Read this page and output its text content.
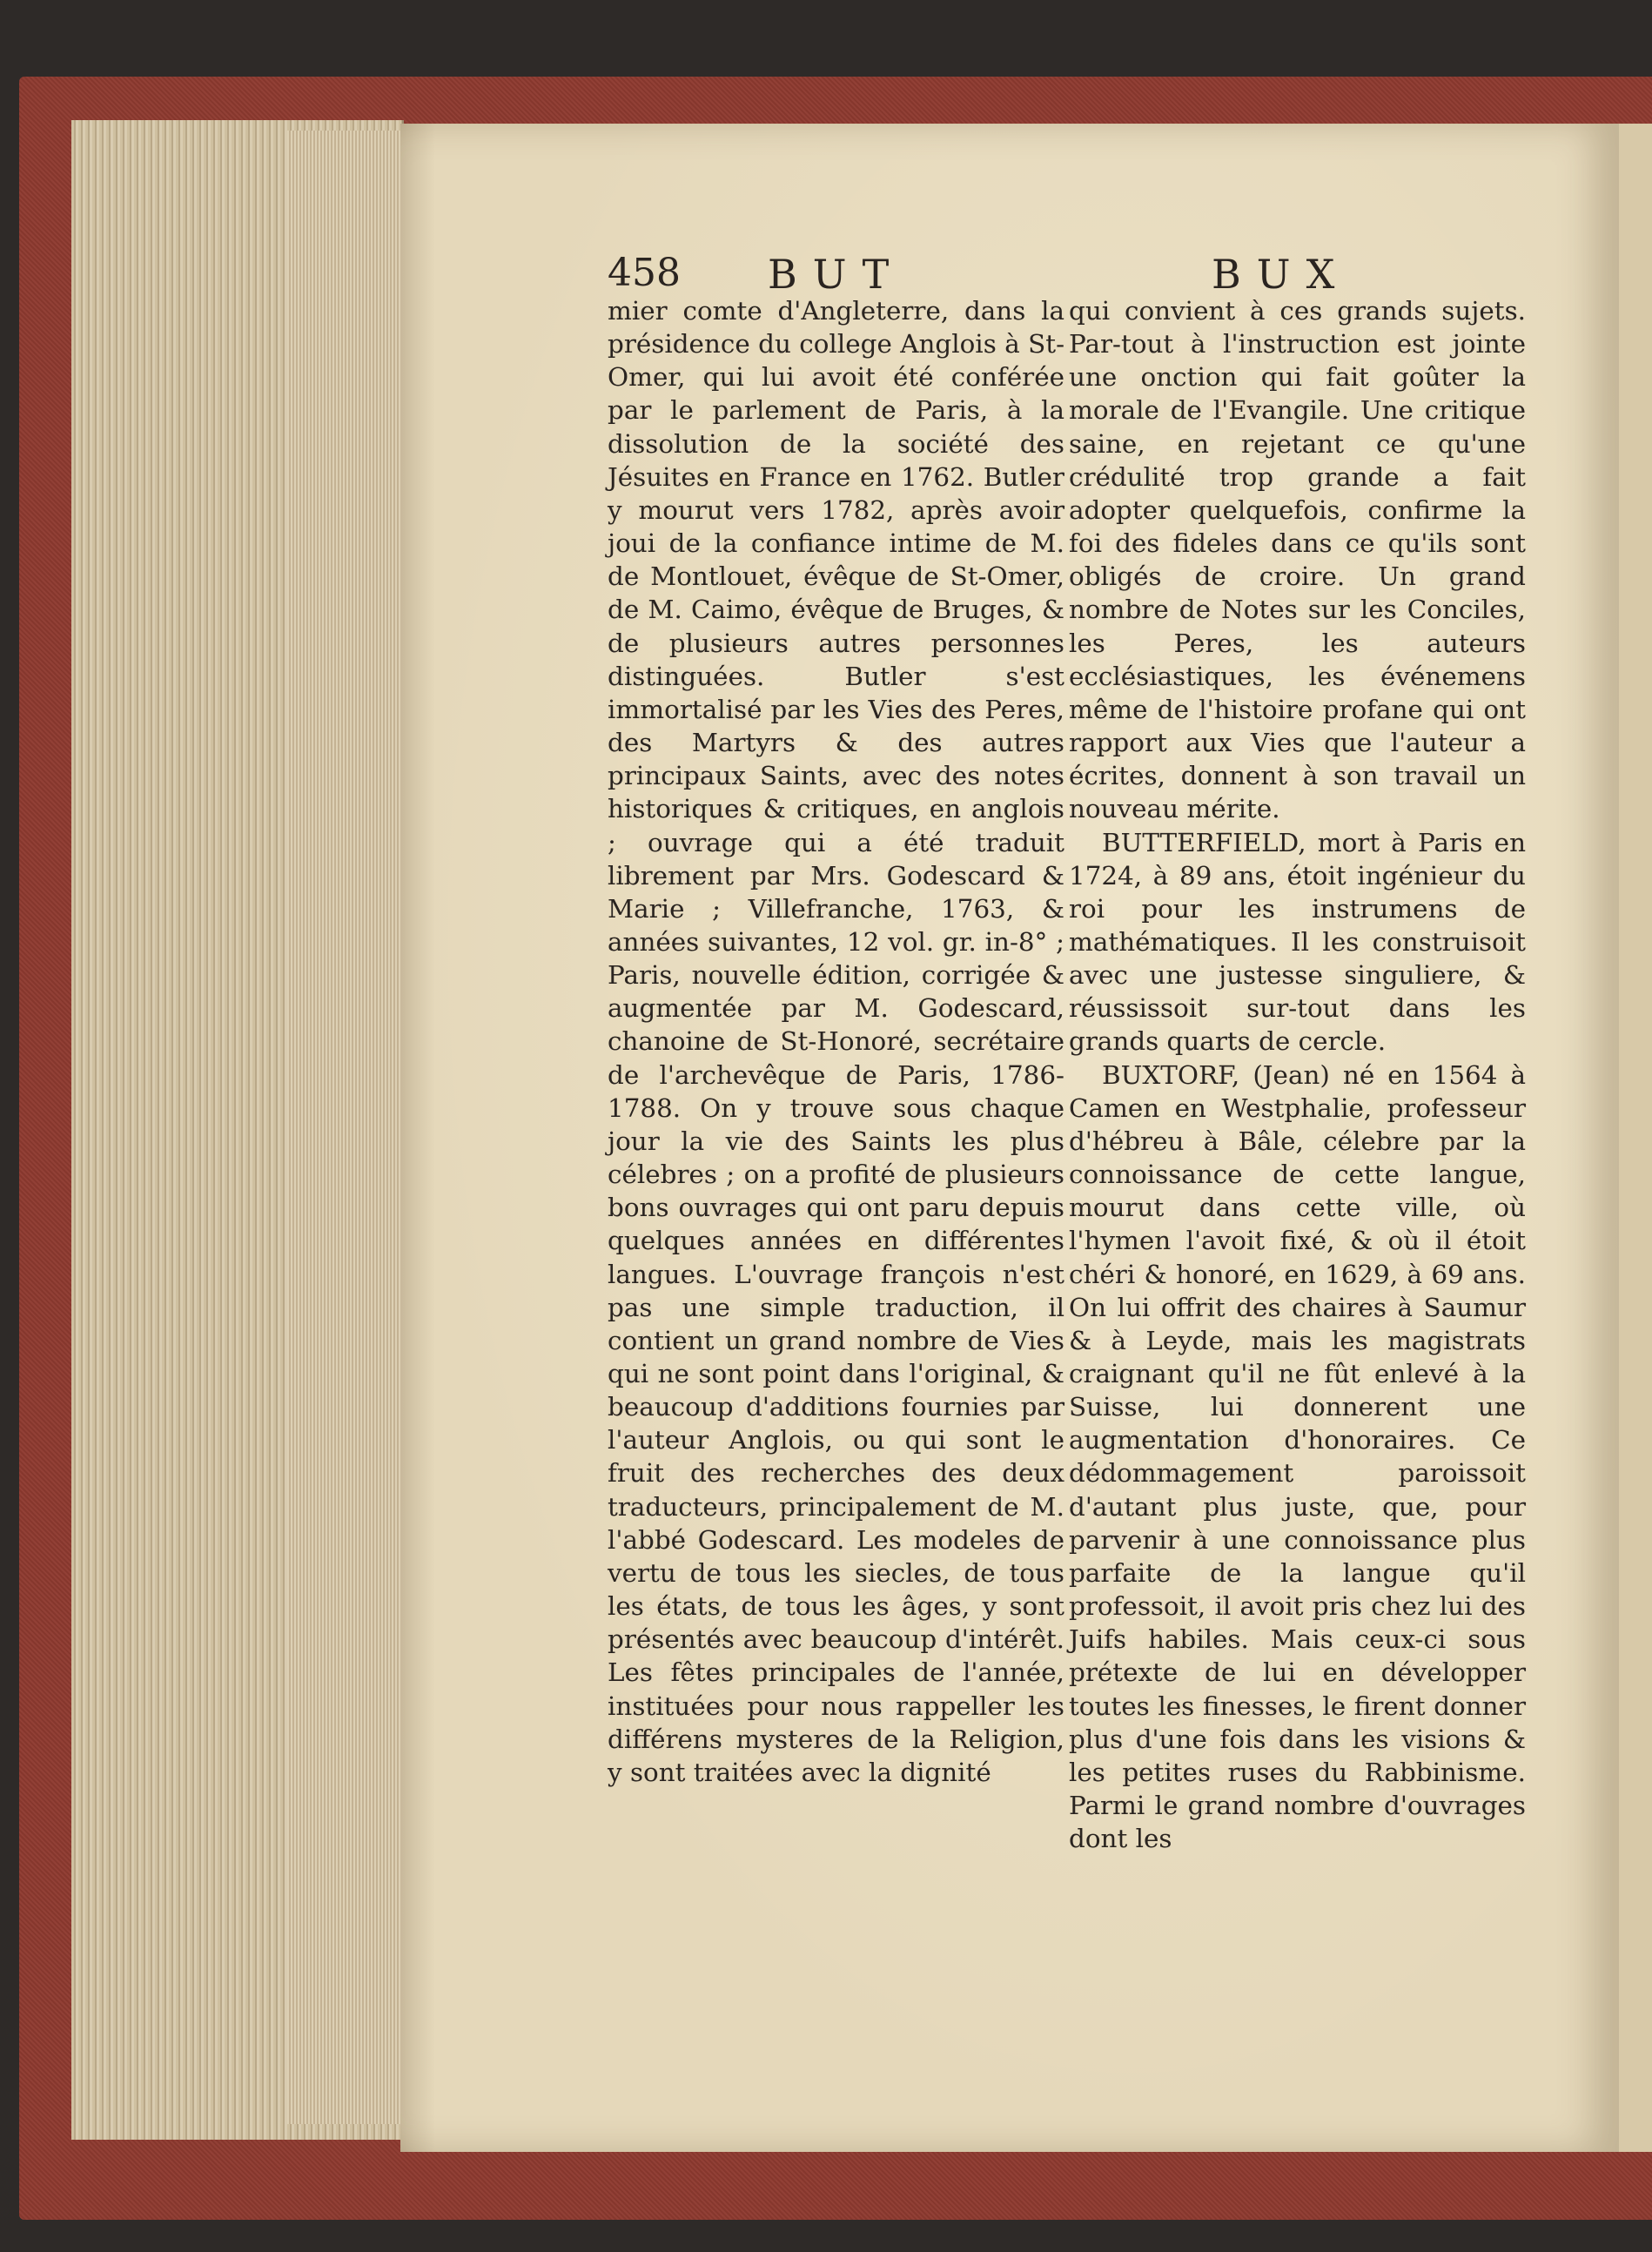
458 BUT	BUX

mier comte d'Angleterre, dans la présidence du college Anglois à St-Omer, qui lui avoit été conférée par le parlement de Paris, à la dissolution de la société des Jésuites en France en 1762. Butler y mourut vers 1782, après avoir joui de la confiance intime de M. de Montlouet, évêque de St-Omer, de M. Caimo, évêque de Bruges, & de plusieurs autres personnes distinguées. Butler s'est immortalisé par les Vies des Peres, des Martyrs & des autres principaux Saints, avec des notes historiques & critiques, en anglois ; ouvrage qui a été traduit librement par Mrs. Godescard & Marie ; Villefranche, 1763, & années suivantes, 12 vol. gr. in-8° ; Paris, nouvelle édition, corrigée & augmentée par M. Godescard, chanoine de St-Honoré, secrétaire de l'archevêque de Paris, 1786-1788. On y trouve sous chaque jour la vie des Saints les plus célebres ; on a profité de plusieurs bons ouvrages qui ont paru depuis quelques années en différentes langues. L'ouvrage françois n'est pas une simple traduction, il contient un grand nombre de Vies qui ne sont point dans l'original, & beaucoup d'additions fournies par l'auteur Anglois, ou qui sont le fruit des recherches des deux traducteurs, principalement de M. l'abbé Godescard. Les modeles de vertu de tous les siecles, de tous les états, de tous les âges, y sont présentés avec beaucoup d'intérêt. Les fêtes principales de l'année, instituées pour nous rappeller les différens mysteres de la Religion, y sont traitées avec la dignité

qui convient à ces grands sujets. Par-tout à l'instruction est jointe une onction qui fait goûter la morale de l'Evangile. Une critique saine, en rejetant ce qu'une crédulité trop grande a fait adopter quelquefois, confirme la foi des fideles dans ce qu'ils sont obligés de croire. Un grand nombre de Notes sur les Conciles, les Peres, les auteurs ecclésiastiques, les événemens même de l'histoire profane qui ont rapport aux Vies que l'auteur a écrites, donnent à son travail un nouveau mérite.

BUTTERFIELD, mort à Paris en 1724, à 89 ans, étoit ingénieur du roi pour les instrumens de mathématiques. Il les construisoit avec une justesse singuliere, & réussissoit sur-tout dans les grands quarts de cercle.

BUXTORF, (Jean) né en 1564 à Camen en Westphalie, professeur d'hébreu à Bâle, célebre par la connoissance de cette langue, mourut dans cette ville, où l'hymen l'avoit fixé, & où il étoit chéri & honoré, en 1629, à 69 ans. On lui offrit des chaires à Saumur & à Leyde, mais les magistrats craignant qu'il ne fût enlevé à la Suisse, lui donnerent une augmentation d'honoraires. Ce dédommagement paroissoit d'autant plus juste, que, pour parvenir à une connoissance plus parfaite de la langue qu'il professoit, il avoit pris chez lui des Juifs habiles. Mais ceux-ci sous prétexte de lui en développer toutes les finesses, le firent donner plus d'une fois dans les visions & les petites ruses du Rabbinisme. Parmi le grand nombre d'ouvrages dont les
